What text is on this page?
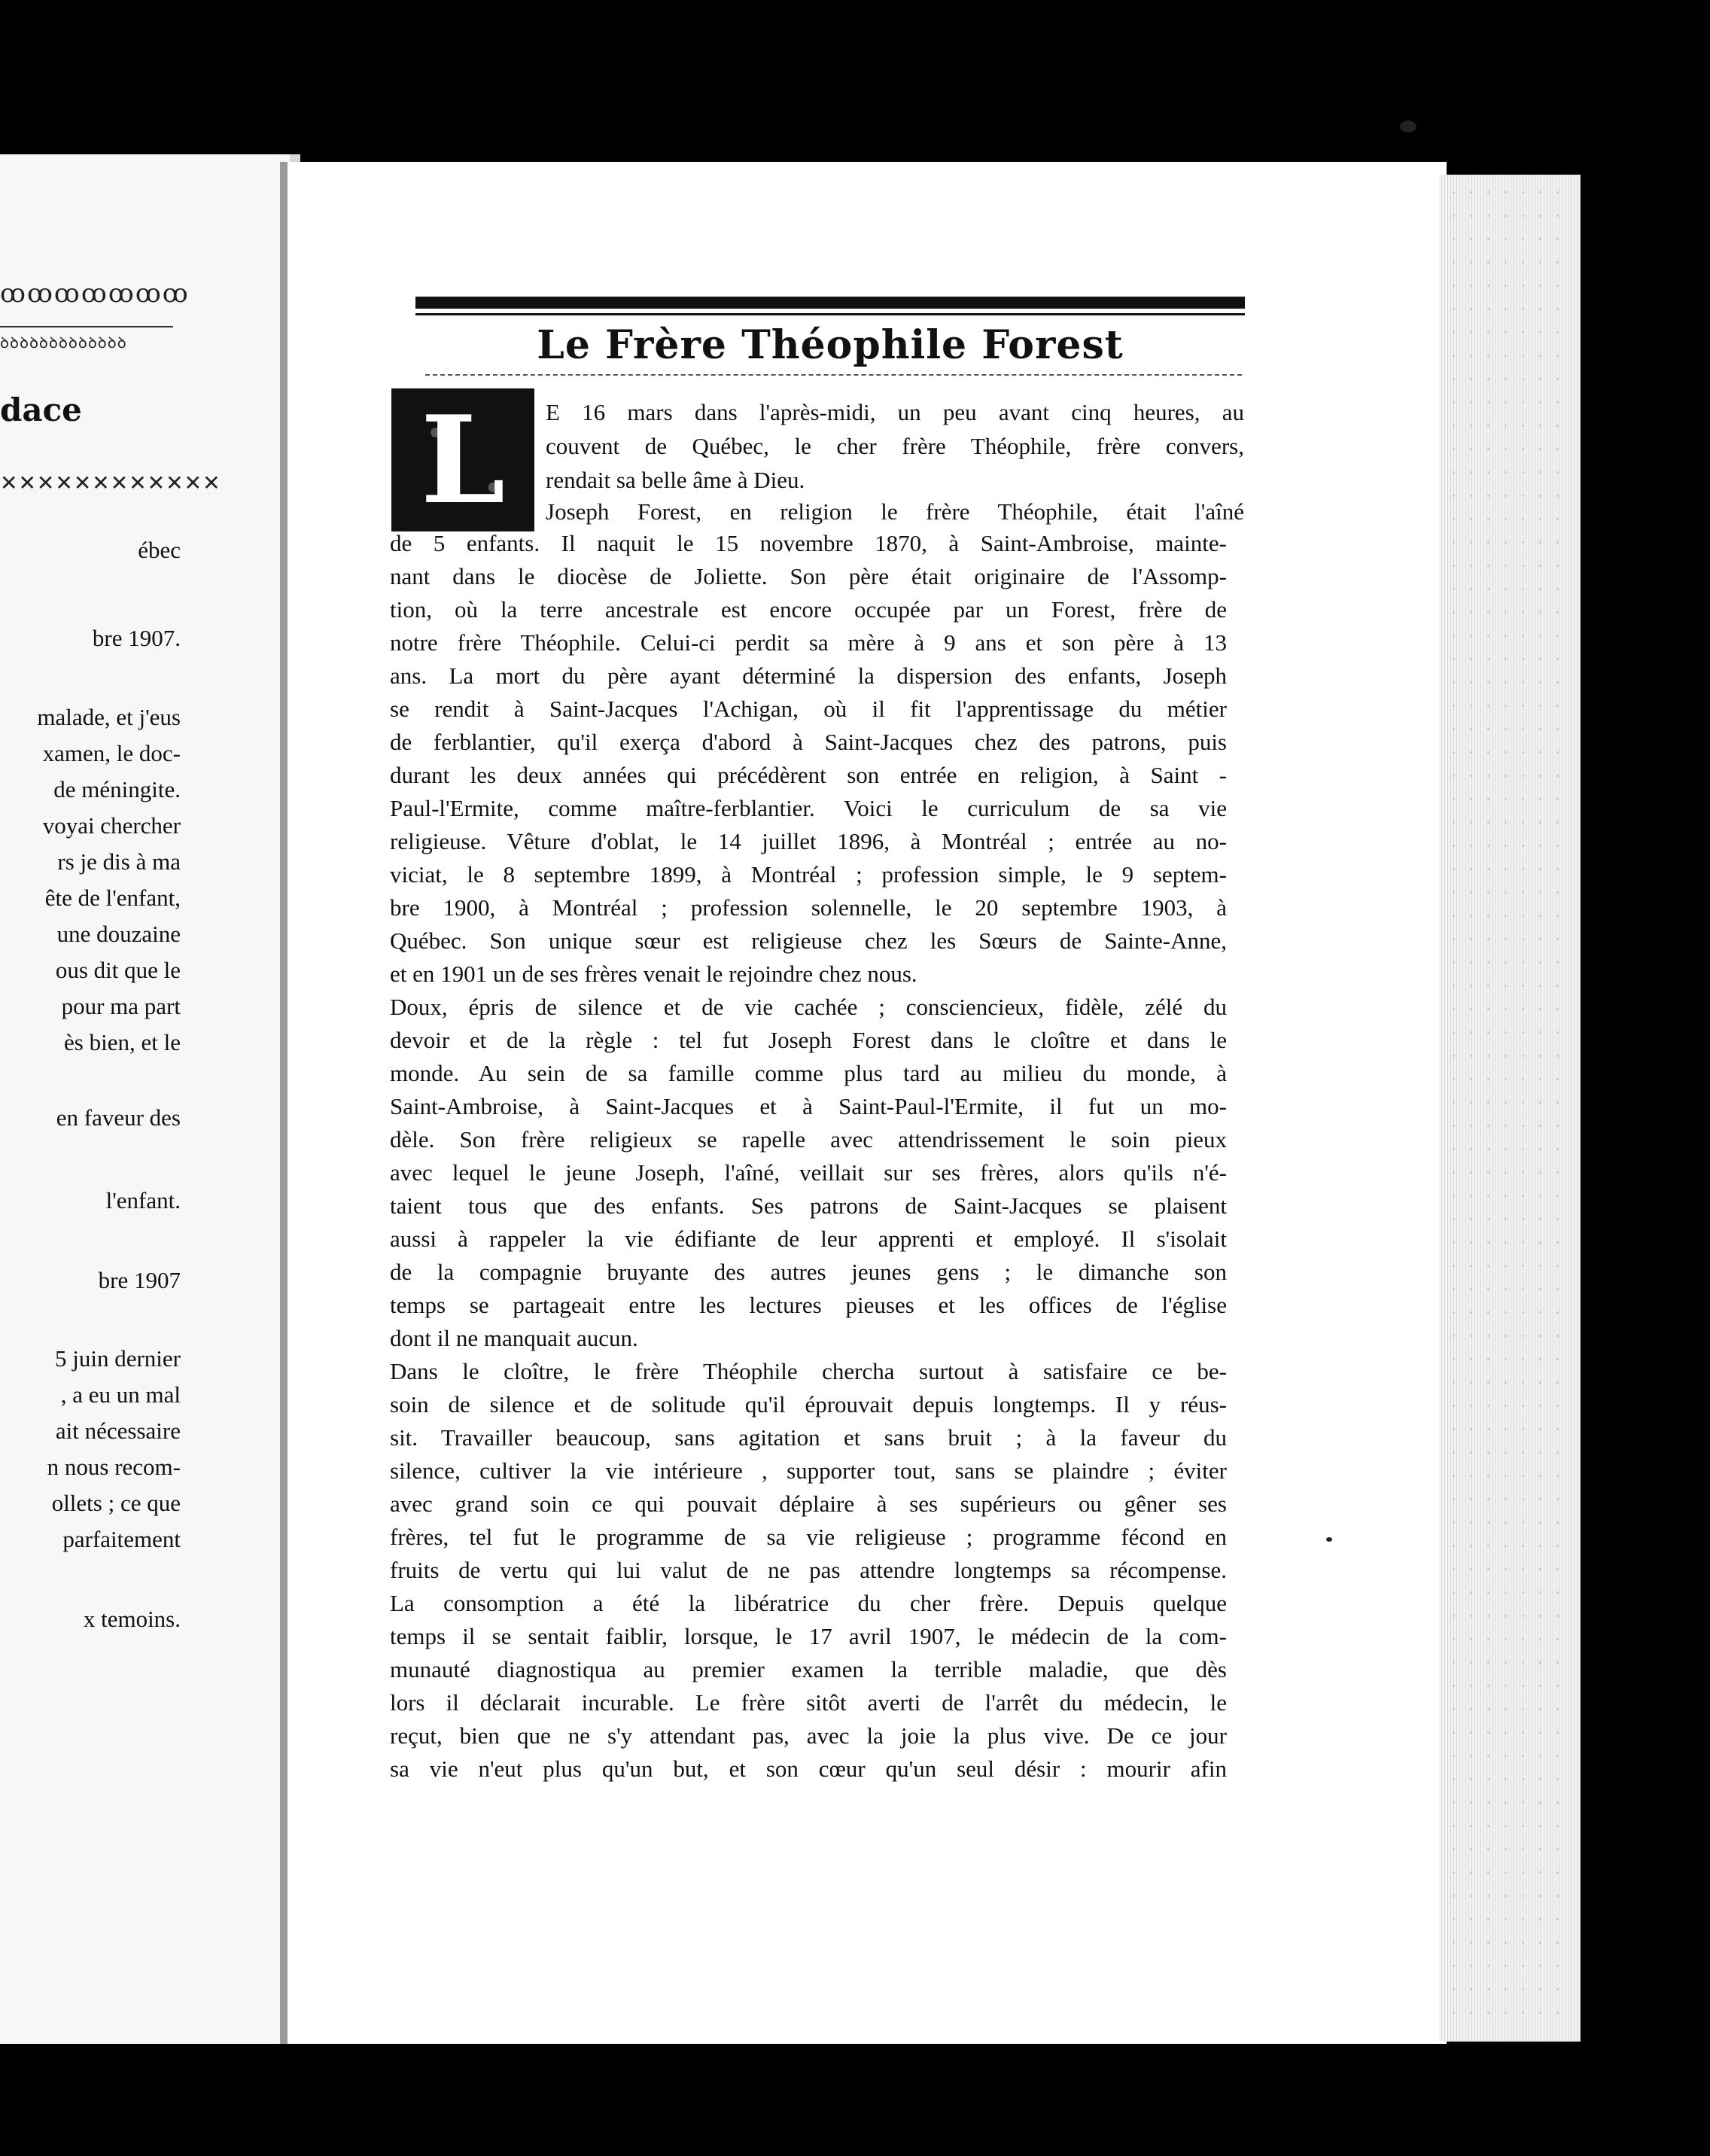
ꝏꝏꝏꝏꝏꝏꝏ
ꝺꝺꝺꝺꝺꝺꝺꝺꝺꝺꝺꝺꝺ
dace
✕✕✕✕✕✕✕✕✕✕✕✕
ébec
bre 1907.
malade, et j'eus
xamen, le doc-
de méningite.
voyai chercher
rs je dis à ma
ête de l'enfant,
une douzaine
ous dit que le
pour ma part
ès bien, et le
en faveur des
l'enfant.
bre 1907
5 juin dernier
, a eu un mal
ait nécessaire
n nous recom-
ollets ; ce que
parfaitement
x temoins.
Le Frère Théophile Forest
L	E 16 mars dans l'après-midi, un peu avant cinq heures, au
couvent de Québec, le cher frère Théophile, frère convers,
rendait sa belle âme à Dieu.
Joseph Forest, en religion le frère Théophile, était l'aîné
de 5 enfants. Il naquit le 15 novembre 1870, à Saint-Ambroise, mainte-
nant dans le diocèse de Joliette. Son père était originaire de l'Assomp-
tion, où la terre ancestrale est encore occupée par un Forest, frère de
notre frère Théophile. Celui-ci perdit sa mère à 9 ans et son père à 13
ans. La mort du père ayant déterminé la dispersion des enfants, Joseph
se rendit à Saint-Jacques l'Achigan, où il fit l'apprentissage du métier
de ferblantier, qu'il exerça d'abord à Saint-Jacques chez des patrons, puis
durant les deux années qui précédèrent son entrée en religion, à Saint -
Paul-l'Ermite, comme maître-ferblantier. Voici le curriculum de sa vie
religieuse. Vêture d'oblat, le 14 juillet 1896, à Montréal ; entrée au no-
viciat, le 8 septembre 1899, à Montréal ; profession simple, le 9 septem-
bre 1900, à Montréal ; profession solennelle, le 20 septembre 1903, à
Québec. Son unique sœur est religieuse chez les Sœurs de Sainte-Anne,
et en 1901 un de ses frères venait le rejoindre chez nous.
Doux, épris de silence et de vie cachée ; consciencieux, fidèle, zélé du
devoir et de la règle : tel fut Joseph Forest dans le cloître et dans le
monde. Au sein de sa famille comme plus tard au milieu du monde, à
Saint-Ambroise, à Saint-Jacques et à Saint-Paul-l'Ermite, il fut un mo-
dèle. Son frère religieux se rapelle avec attendrissement le soin pieux
avec lequel le jeune Joseph, l'aîné, veillait sur ses frères, alors qu'ils n'é-
taient tous que des enfants. Ses patrons de Saint-Jacques se plaisent
aussi à rappeler la vie édifiante de leur apprenti et employé. Il s'isolait
de la compagnie bruyante des autres jeunes gens ; le dimanche son
temps se partageait entre les lectures pieuses et les offices de l'église
dont il ne manquait aucun.
Dans le cloître, le frère Théophile chercha surtout à satisfaire ce be-
soin de silence et de solitude qu'il éprouvait depuis longtemps. Il y réus-
sit. Travailler beaucoup, sans agitation et sans bruit ; à la faveur du
silence, cultiver la vie intérieure , supporter tout, sans se plaindre ; éviter
avec grand soin ce qui pouvait déplaire à ses supérieurs ou gêner ses
frères, tel fut le programme de sa vie religieuse ; programme fécond en
fruits de vertu qui lui valut de ne pas attendre longtemps sa récompense.
La consomption a été la libératrice du cher frère. Depuis quelque
temps il se sentait faiblir, lorsque, le 17 avril 1907, le médecin de la com-
munauté diagnostiqua au premier examen la terrible maladie, que dès
lors il déclarait incurable. Le frère sitôt averti de l'arrêt du médecin, le
reçut, bien que ne s'y attendant pas, avec la joie la plus vive. De ce jour
sa vie n'eut plus qu'un but, et son cœur qu'un seul désir : mourir afin
